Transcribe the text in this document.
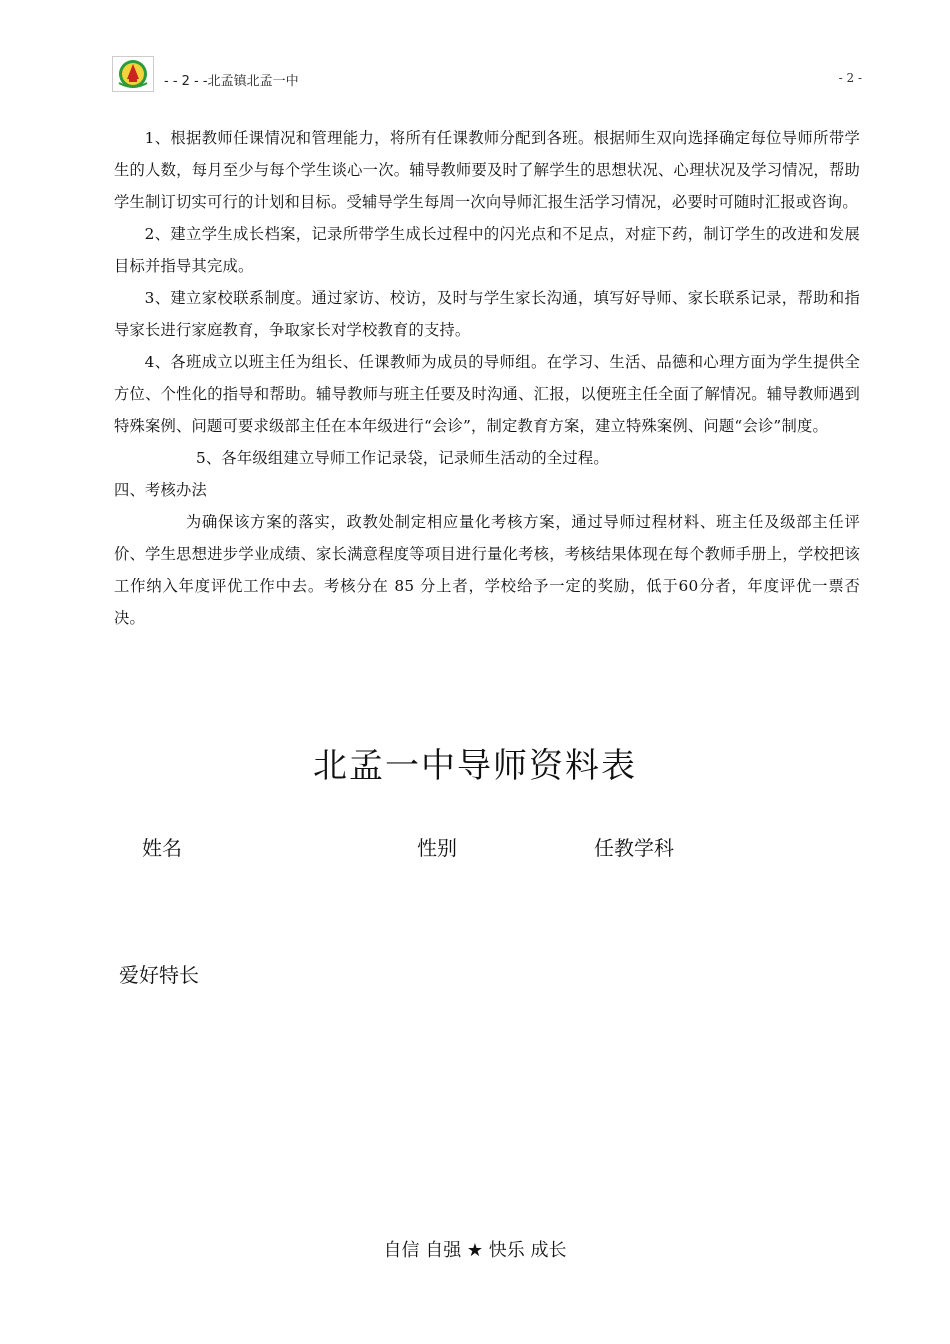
- - 2 - -北孟镇北孟一中	- 2 -

1、根据教师任课情况和管理能力，将所有任课教师分配到各班。根据师生双向选择确定每位导师所带学生的人数，每月至少与每个学生谈心一次。辅导教师要及时了解学生的思想状况、心理状况及学习情况，帮助学生制订切实可行的计划和目标。受辅导学生每周一次向导师汇报生活学习情况，必要时可随时汇报或咨询。

2、建立学生成长档案，记录所带学生成长过程中的闪光点和不足点，对症下药，制订学生的改进和发展目标并指导其完成。

3、建立家校联系制度。通过家访、校访，及时与学生家长沟通，填写好导师、家长联系记录，帮助和指导家长进行家庭教育，争取家长对学校教育的支持。

4、各班成立以班主任为组长、任课教师为成员的导师组。在学习、生活、品德和心理方面为学生提供全方位、个性化的指导和帮助。辅导教师与班主任要及时沟通、汇报，以便班主任全面了解情况。辅导教师遇到特殊案例、问题可要求级部主任在本年级进行“会诊”，制定教育方案，建立特殊案例、问题“会诊”制度。

5、各年级组建立导师工作记录袋，记录师生活动的全过程。

四、考核办法

为确保该方案的落实，政教处制定相应量化考核方案，通过导师过程材料、班主任及级部主任评价、学生思想进步学业成绩、家长满意程度等项目进行量化考核，考核结果体现在每个教师手册上，学校把该工作纳入年度评优工作中去。考核分在 85 分上者，学校给予一定的奖励，低于60分者，年度评优一票否决。

北孟一中导师资料表
姓名	性别	任教学科
爱好特长
自信 自强 ★ 快乐 成长
